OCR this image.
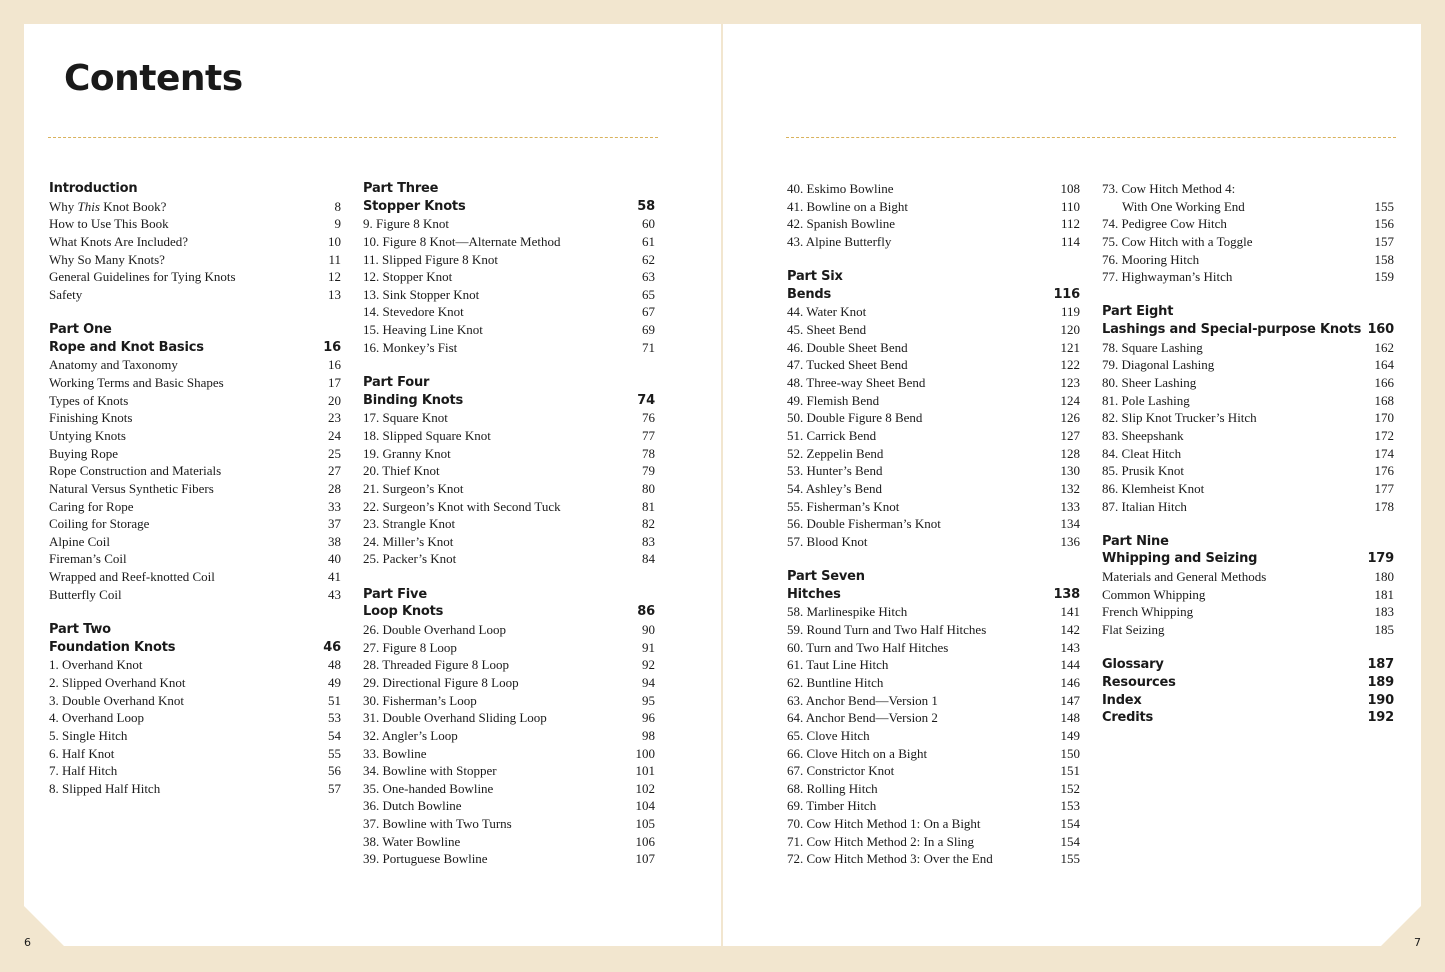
Contents
Introduction
Why This Knot Book?	8
How to Use This Book	9
What Knots Are Included?	10
Why So Many Knots?	11
General Guidelines for Tying Knots	12
Safety	13
Part One
Rope and Knot Basics	16
Anatomy and Taxonomy	16
Working Terms and Basic Shapes	17
Types of Knots	20
Finishing Knots	23
Untying Knots	24
Buying Rope	25
Rope Construction and Materials	27
Natural Versus Synthetic Fibers	28
Caring for Rope	33
Coiling for Storage	37
Alpine Coil	38
Fireman’s Coil	40
Wrapped and Reef-knotted Coil	41
Butterfly Coil	43
Part Two
Foundation Knots	46
1. Overhand Knot	48
2. Slipped Overhand Knot	49
3. Double Overhand Knot	51
4. Overhand Loop	53
5. Single Hitch	54
6. Half Knot	55
7. Half Hitch	56
8. Slipped Half Hitch	57
Part Three
Stopper Knots	58
9. Figure 8 Knot	60
10. Figure 8 Knot—Alternate Method	61
11. Slipped Figure 8 Knot	62
12. Stopper Knot	63
13. Sink Stopper Knot	65
14. Stevedore Knot	67
15. Heaving Line Knot	69
16. Monkey’s Fist	71
Part Four
Binding Knots	74
17. Square Knot	76
18. Slipped Square Knot	77
19. Granny Knot	78
20. Thief Knot	79
21. Surgeon’s Knot	80
22. Surgeon’s Knot with Second Tuck	81
23. Strangle Knot	82
24. Miller’s Knot	83
25. Packer’s Knot	84
Part Five
Loop Knots	86
26. Double Overhand Loop	90
27. Figure 8 Loop	91
28. Threaded Figure 8 Loop	92
29. Directional Figure 8 Loop	94
30. Fisherman’s Loop	95
31. Double Overhand Sliding Loop	96
32. Angler’s Loop	98
33. Bowline	100
34. Bowline with Stopper	101
35. One-handed Bowline	102
36. Dutch Bowline	104
37. Bowline with Two Turns	105
38. Water Bowline	106
39. Portuguese Bowline	107
40. Eskimo Bowline	108
41. Bowline on a Bight	110
42. Spanish Bowline	112
43. Alpine Butterfly	114
Part Six
Bends	116
44. Water Knot	119
45. Sheet Bend	120
46. Double Sheet Bend	121
47. Tucked Sheet Bend	122
48. Three-way Sheet Bend	123
49. Flemish Bend	124
50. Double Figure 8 Bend	126
51. Carrick Bend	127
52. Zeppelin Bend	128
53. Hunter’s Bend	130
54. Ashley’s Bend	132
55. Fisherman’s Knot	133
56. Double Fisherman’s Knot	134
57. Blood Knot	136
Part Seven
Hitches	138
58. Marlinespike Hitch	141
59. Round Turn and Two Half Hitches	142
60. Turn and Two Half Hitches	143
61. Taut Line Hitch	144
62. Buntline Hitch	146
63. Anchor Bend—Version 1	147
64. Anchor Bend—Version 2	148
65. Clove Hitch	149
66. Clove Hitch on a Bight	150
67. Constrictor Knot	151
68. Rolling Hitch	152
69. Timber Hitch	153
70. Cow Hitch Method 1: On a Bight	154
71. Cow Hitch Method 2: In a Sling	154
72. Cow Hitch Method 3: Over the End	155
73. Cow Hitch Method 4:
With One Working End	155
74. Pedigree Cow Hitch	156
75. Cow Hitch with a Toggle	157
76. Mooring Hitch	158
77. Highwayman’s Hitch	159
Part Eight
Lashings and Special-purpose Knots 160
78. Square Lashing	162
79. Diagonal Lashing	164
80. Sheer Lashing	166
81. Pole Lashing	168
82. Slip Knot Trucker’s Hitch	170
83. Sheepshank	172
84. Cleat Hitch	174
85. Prusik Knot	176
86. Klemheist Knot	177
87. Italian Hitch	178
Part Nine
Whipping and Seizing	179
Materials and General Methods	180
Common Whipping	181
French Whipping	183
Flat Seizing	185
Glossary	187
Resources	189
Index	190
Credits	192
6	7
